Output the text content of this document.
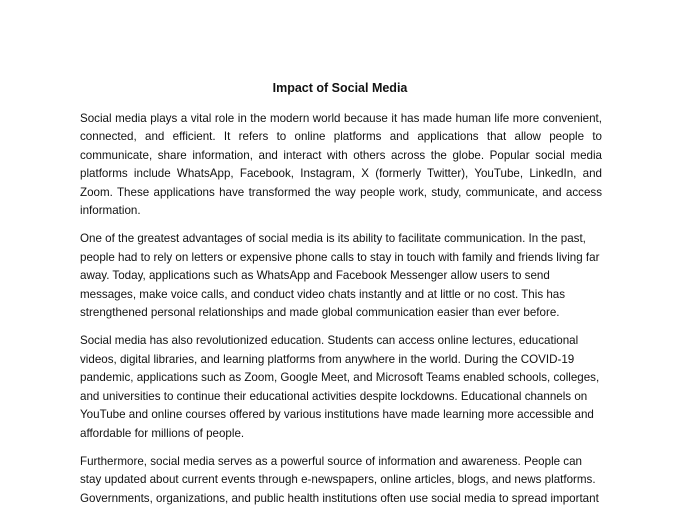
Impact of Social Media

Social media plays a vital role in the modern world because it has made human life more convenient, connected, and efficient. It refers to online platforms and applications that allow people to communicate, share information, and interact with others across the globe. Popular social media platforms include WhatsApp, Facebook, Instagram, X (formerly Twitter), YouTube, LinkedIn, and Zoom. These applications have transformed the way people work, study, communicate, and access information.

One of the greatest advantages of social media is its ability to facilitate communication. In the past, people had to rely on letters or expensive phone calls to stay in touch with family and friends living far away. Today, applications such as WhatsApp and Facebook Messenger allow users to send messages, make voice calls, and conduct video chats instantly and at little or no cost. This has strengthened personal relationships and made global communication easier than ever before.

Social media has also revolutionized education. Students can access online lectures, educational videos, digital libraries, and learning platforms from anywhere in the world. During the COVID-19 pandemic, applications such as Zoom, Google Meet, and Microsoft Teams enabled schools, colleges, and universities to continue their educational activities despite lockdowns. Educational channels on YouTube and online courses offered by various institutions have made learning more accessible and affordable for millions of people.

Furthermore, social media serves as a powerful source of information and awareness. People can stay updated about current events through e-newspapers, online articles, blogs, and news platforms. Governments, organizations, and public health institutions often use social media to spread important
